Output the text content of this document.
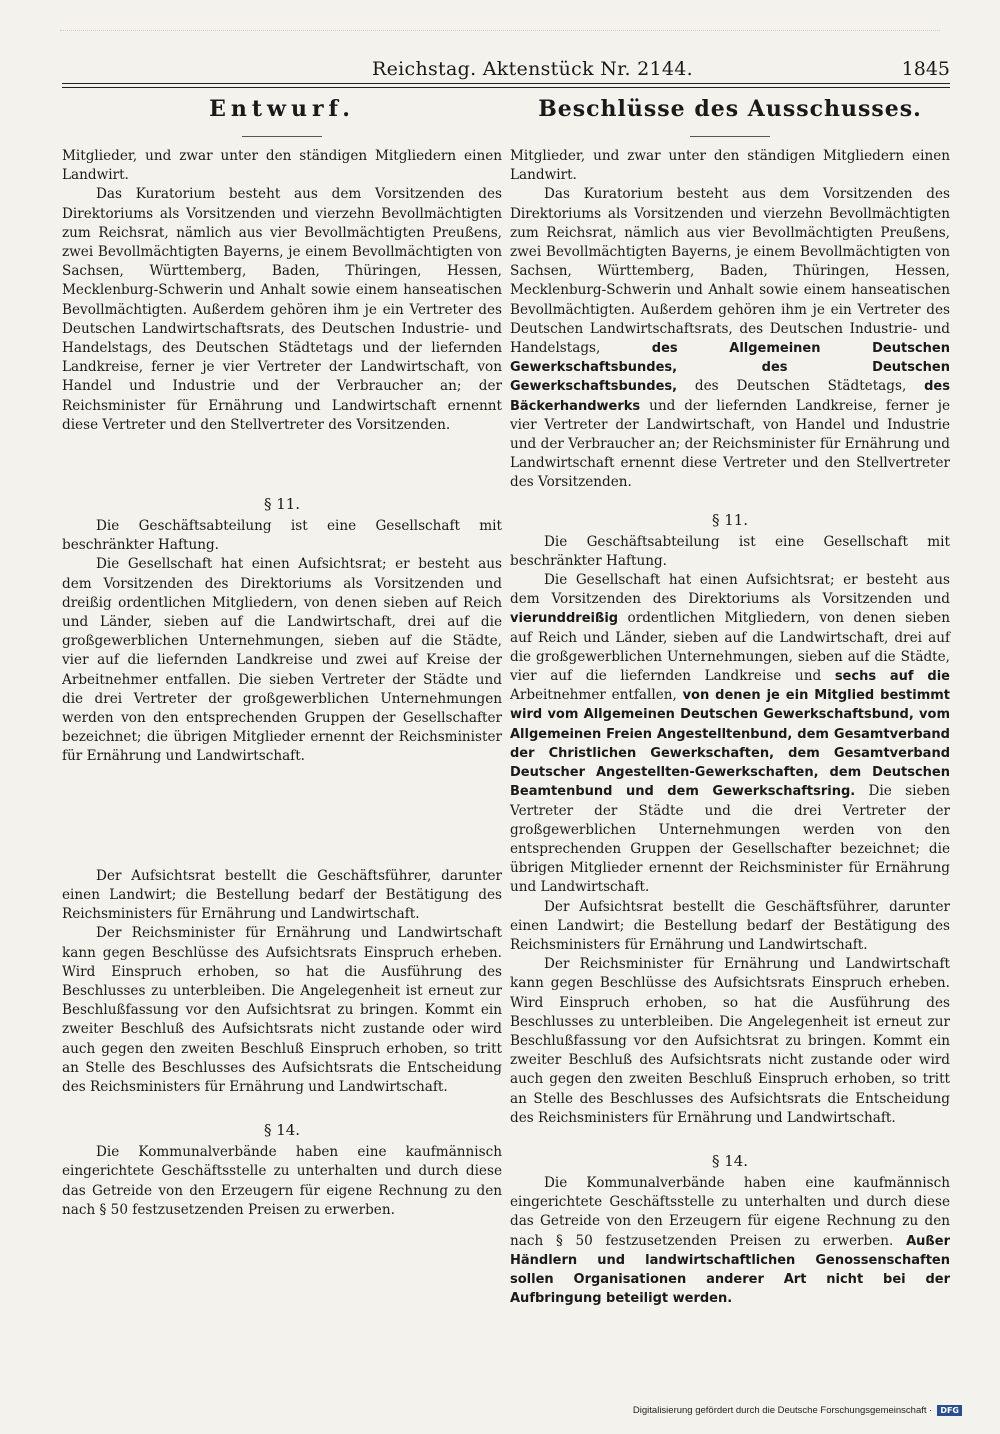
Reichstag. Aktenstück Nr. 2144.	1845
Entwurf.

Mitglieder, und zwar unter den ständigen Mitgliedern einen Landwirt.

Das Kuratorium besteht aus dem Vorsitzenden des Direktoriums als Vorsitzenden und vierzehn Bevollmächtigten zum Reichsrat, nämlich aus vier Bevollmächtigten Preußens, zwei Bevollmächtigten Bayerns, je einem Bevollmächtigten von Sachsen, Württemberg, Baden, Thüringen, Hessen, Mecklenburg-Schwerin und Anhalt sowie einem hanseatischen Bevollmächtigten. Außerdem gehören ihm je ein Vertreter des Deutschen Landwirtschaftsrats, des Deutschen Industrie- und Handelstags, des Deutschen Städtetags und der liefernden Landkreise, ferner je vier Vertreter der Landwirtschaft, von Handel und Industrie und der Verbraucher an; der Reichsminister für Ernährung und Landwirtschaft ernennt diese Vertreter und den Stellvertreter des Vorsitzenden.

§ 11.

Die Geschäftsabteilung ist eine Gesellschaft mit beschränkter Haftung.

Die Gesellschaft hat einen Aufsichtsrat; er besteht aus dem Vorsitzenden des Direktoriums als Vorsitzenden und dreißig ordentlichen Mitgliedern, von denen sieben auf Reich und Länder, sieben auf die Landwirtschaft, drei auf die großgewerblichen Unternehmungen, sieben auf die Städte, vier auf die liefernden Landkreise und zwei auf Kreise der Arbeitnehmer entfallen. Die sieben Vertreter der Städte und die drei Vertreter der großgewerblichen Unternehmungen werden von den entsprechenden Gruppen der Gesellschafter bezeichnet; die übrigen Mitglieder ernennt der Reichsminister für Ernährung und Landwirtschaft.

Der Aufsichtsrat bestellt die Geschäftsführer, darunter einen Landwirt; die Bestellung bedarf der Bestätigung des Reichsministers für Ernährung und Landwirtschaft.

Der Reichsminister für Ernährung und Landwirtschaft kann gegen Beschlüsse des Aufsichtsrats Einspruch erheben. Wird Einspruch erhoben, so hat die Ausführung des Beschlusses zu unterbleiben. Die Angelegenheit ist erneut zur Beschlußfassung vor den Aufsichtsrat zu bringen. Kommt ein zweiter Beschluß des Aufsichtsrats nicht zustande oder wird auch gegen den zweiten Beschluß Einspruch erhoben, so tritt an Stelle des Beschlusses des Aufsichtsrats die Entscheidung des Reichsministers für Ernährung und Landwirtschaft.

§ 14.

Die Kommunalverbände haben eine kaufmännisch eingerichtete Geschäftsstelle zu unterhalten und durch diese das Getreide von den Erzeugern für eigene Rechnung zu den nach § 50 festzusetzenden Preisen zu erwerben.

Beschlüsse des Ausschusses.

Mitglieder, und zwar unter den ständigen Mitgliedern einen Landwirt.

Das Kuratorium besteht aus dem Vorsitzenden des Direktoriums als Vorsitzenden und vierzehn Bevollmächtigten zum Reichsrat, nämlich aus vier Bevollmächtigten Preußens, zwei Bevollmächtigten Bayerns, je einem Bevollmächtigten von Sachsen, Württemberg, Baden, Thüringen, Hessen, Mecklenburg-Schwerin und Anhalt sowie einem hanseatischen Bevollmächtigten. Außerdem gehören ihm je ein Vertreter des Deutschen Landwirtschaftsrats, des Deutschen Industrie- und Handelstags,	des Allgemeinen Deutschen Gewerkschaftsbundes, des Deutschen Gewerkschaftsbundes, des Deutschen Städtetags, des Bäckerhandwerks und der liefernden Landkreise, ferner je vier Vertreter der Landwirtschaft, von Handel und Industrie und der Verbraucher an; der Reichsminister für Ernährung und Landwirtschaft ernennt diese Vertreter und den Stellvertreter des Vorsitzenden.

§ 11.

Die Geschäftsabteilung ist eine Gesellschaft mit beschränkter Haftung.

Die Gesellschaft hat einen Aufsichtsrat; er besteht aus dem Vorsitzenden des Direktoriums als Vorsitzenden und vierunddreißig ordentlichen Mitgliedern, von denen sieben auf Reich und Länder, sieben auf die Landwirtschaft, drei auf die großgewerblichen Unternehmungen, sieben auf die Städte, vier auf die liefernden Landkreise und sechs auf die Arbeitnehmer entfallen, von denen je ein Mitglied bestimmt wird vom Allgemeinen Deutschen Gewerkschaftsbund, vom Allgemeinen Freien Angestelltenbund, dem Gesamtverband der Christlichen Gewerkschaften, dem Gesamtverband Deutscher Angestellten-Gewerkschaften, dem Deutschen Beamtenbund und dem Gewerkschaftsring. Die sieben Vertreter der Städte und die drei Vertreter der großgewerblichen Unternehmungen werden von den entsprechenden Gruppen der Gesellschafter bezeichnet; die übrigen Mitglieder ernennt der Reichsminister für Ernährung und Landwirtschaft.

Der Aufsichtsrat bestellt die Geschäftsführer, darunter einen Landwirt; die Bestellung bedarf der Bestätigung des Reichsministers für Ernährung und Landwirtschaft.

Der Reichsminister für Ernährung und Landwirtschaft kann gegen Beschlüsse des Aufsichtsrats Einspruch erheben. Wird Einspruch erhoben, so hat die Ausführung des Beschlusses zu unterbleiben. Die Angelegenheit ist erneut zur Beschlußfassung vor den Aufsichtsrat zu bringen. Kommt ein zweiter Beschluß des Aufsichtsrats nicht zustande oder wird auch gegen den zweiten Beschluß Einspruch erhoben, so tritt an Stelle des Beschlusses des Aufsichtsrats die Entscheidung des Reichsministers für Ernährung und Landwirtschaft.

§ 14.

Die Kommunalverbände haben eine kaufmännisch eingerichtete Geschäftsstelle zu unterhalten und durch diese das Getreide von den Erzeugern für eigene Rechnung zu den nach § 50 festzusetzenden Preisen zu erwerben. Außer Händlern und landwirtschaftlichen Genossenschaften sollen Organisationen anderer Art nicht bei der Aufbringung beteiligt werden.

Digitalisierung gefördert durch die Deutsche Forschungsgemeinschaft ·	DFG
